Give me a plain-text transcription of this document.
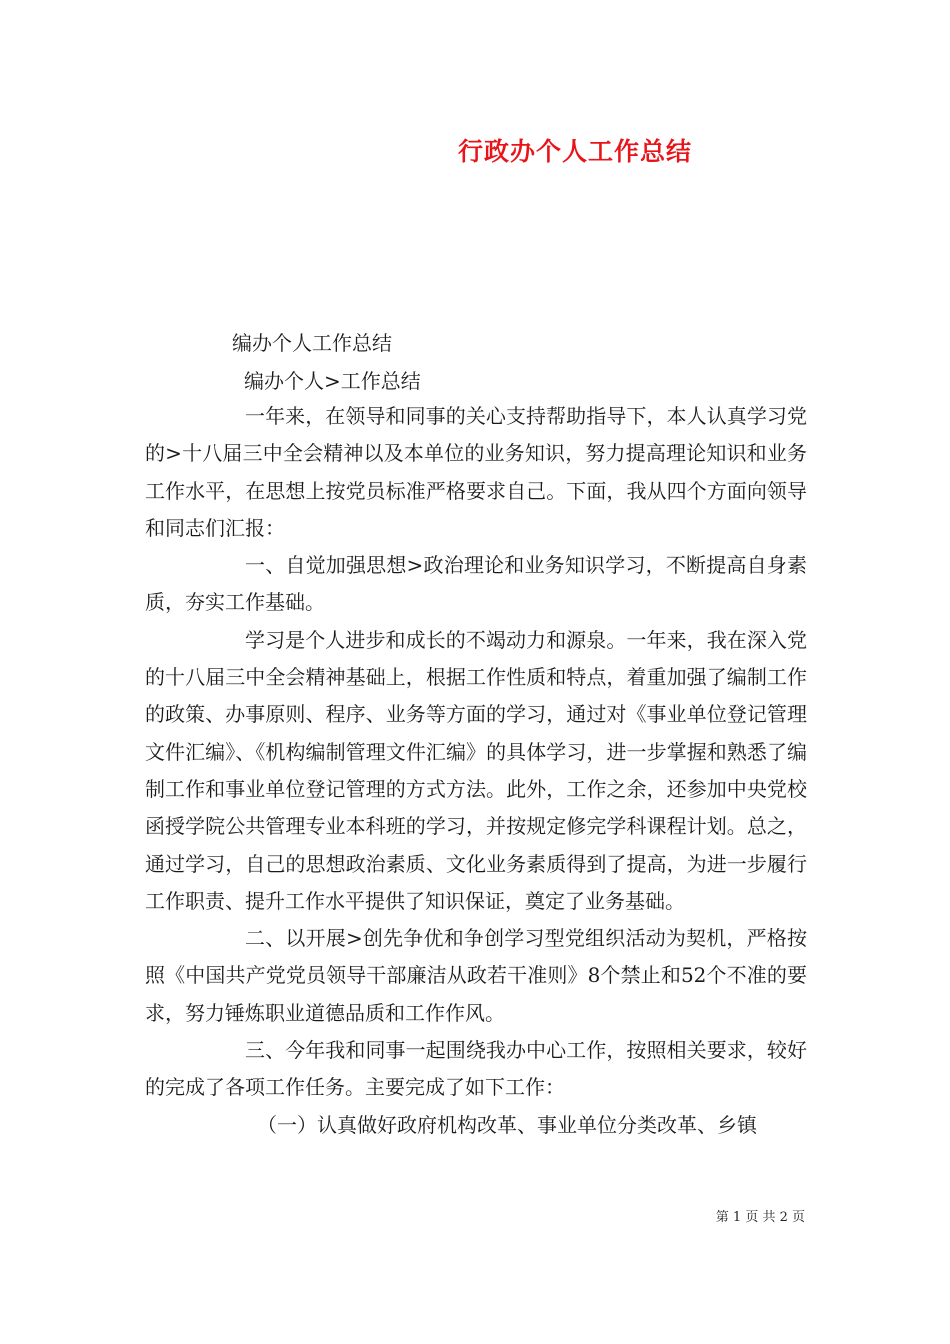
行政办个人工作总结
编办个人工作总结
编办个人>工作总结

一年来，在领导和同事的关心支持帮助指导下，本人认真学习党的>十八届三中全会精神以及本单位的业务知识，努力提高理论知识和业务工作水平，在思想上按党员标准严格要求自己。下面，我从四个方面向领导和同志们汇报：

一、自觉加强思想>政治理论和业务知识学习，不断提高自身素质，夯实工作基础。

学习是个人进步和成长的不竭动力和源泉。一年来，我在深入党的十八届三中全会精神基础上，根据工作性质和特点，着重加强了编制工作的政策、办事原则、程序、业务等方面的学习，通过对《事业单位登记管理文件汇编》、《机构编制管理文件汇编》的具体学习，进一步掌握和熟悉了编制工作和事业单位登记管理的方式方法。此外，工作之余，还参加中央党校函授学院公共管理专业本科班的学习，并按规定修完学科课程计划。总之，通过学习，自己的思想政治素质、文化业务素质得到了提高，为进一步履行工作职责、提升工作水平提供了知识保证，奠定了业务基础。

二、以开展>创先争优和争创学习型党组织活动为契机，严格按照《中国共产党党员领导干部廉洁从政若干准则》8个禁止和52个不准的要求，努力锤炼职业道德品质和工作作风。

三、今年我和同事一起围绕我办中心工作，按照相关要求，较好的完成了各项工作任务。主要完成了如下工作：

（一）认真做好政府机构改革、事业单位分类改革、乡镇

第 1 页 共 2 页
